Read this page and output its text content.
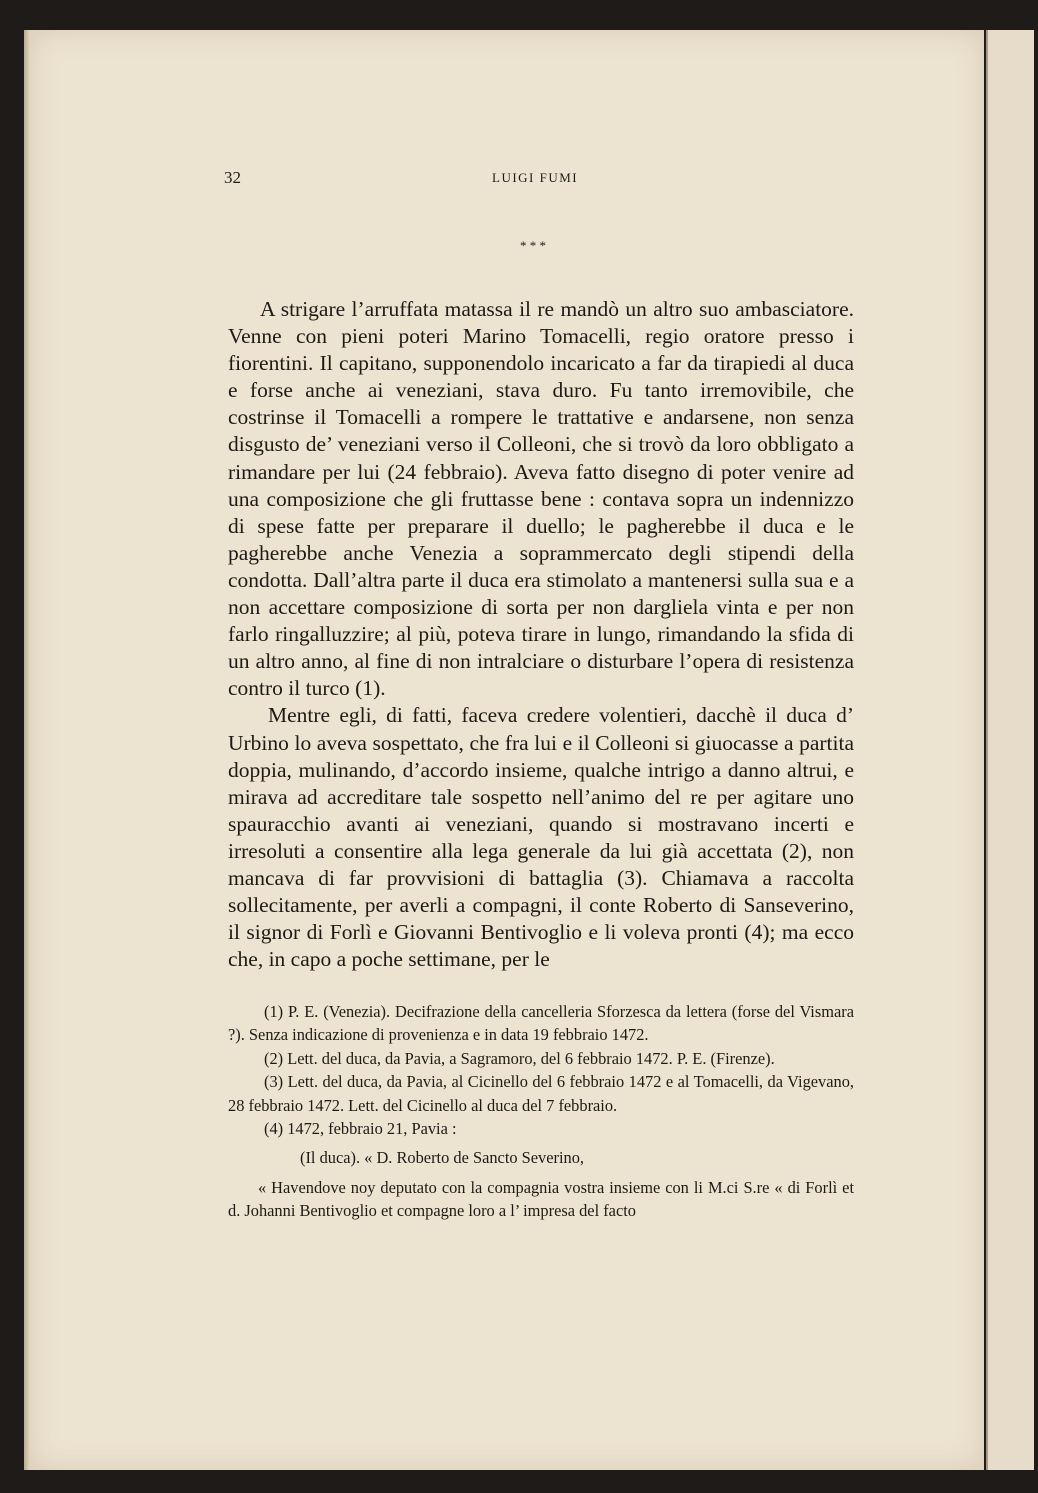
32	LUIGI FUMI
* * *

A strigare l’arruffata matassa il re mandò un altro suo ambasciatore. Venne con pieni poteri Marino Tomacelli, regio oratore presso i fiorentini. Il capitano, supponendolo incaricato a far da tirapiedi al duca e forse anche ai veneziani, stava duro. Fu tanto irremovibile, che costrinse il Tomacelli a rompere le trattative e andarsene, non senza disgusto de’ veneziani verso il Colleoni, che si trovò da loro obbligato a rimandare per lui (24 febbraio). Aveva fatto disegno di poter venire ad una composizione che gli fruttasse bene : contava sopra un indennizzo di spese fatte per preparare il duello; le pagherebbe il duca e le pagherebbe anche Venezia a soprammercato degli stipendi della condotta. Dall’altra parte il duca era stimolato a mantenersi sulla sua e a non accettare composizione di sorta per non dargliela vinta e per non farlo ringalluzzire; al più, poteva tirare in lungo, rimandando la sfida di un altro anno, al fine di non intralciare o disturbare l’opera di resistenza contro il turco (1).

Mentre egli, di fatti, faceva credere volentieri, dacchè il duca d’ Urbino lo aveva sospettato, che fra lui e il Colleoni si giuocasse a partita doppia, mulinando, d’accordo insieme, qualche intrigo a danno altrui, e mirava ad accreditare tale sospetto nell’animo del re per agitare uno spauracchio avanti ai veneziani, quando si mostravano incerti e irresoluti a consentire alla lega generale da lui già accettata (2), non mancava di far provvisioni di battaglia (3). Chiamava a raccolta sollecitamente, per averli a compagni, il conte Roberto di Sanseverino, il signor di Forlì e Giovanni Bentivoglio e li voleva pronti (4); ma ecco che, in capo a poche settimane, per le

(1) P. E. (Venezia). Decifrazione della cancelleria Sforzesca da lettera (forse del Vismara ?). Senza indicazione di provenienza e in data 19 febbraio 1472.

(2) Lett. del duca, da Pavia, a Sagramoro, del 6 febbraio 1472. P. E. (Firenze).

(3) Lett. del duca, da Pavia, al Cicinello del 6 febbraio 1472 e al Tomacelli, da Vigevano, 28 febbraio 1472. Lett. del Cicinello al duca del 7 febbraio.

(4) 1472, febbraio 21, Pavia :

(Il duca). « D. Roberto de Sancto Severino,

« Havendove noy deputato con la compagnia vostra insieme con li M.ci S.re « di Forlì et d. Johanni Bentivoglio et compagne loro a l’ impresa del facto
